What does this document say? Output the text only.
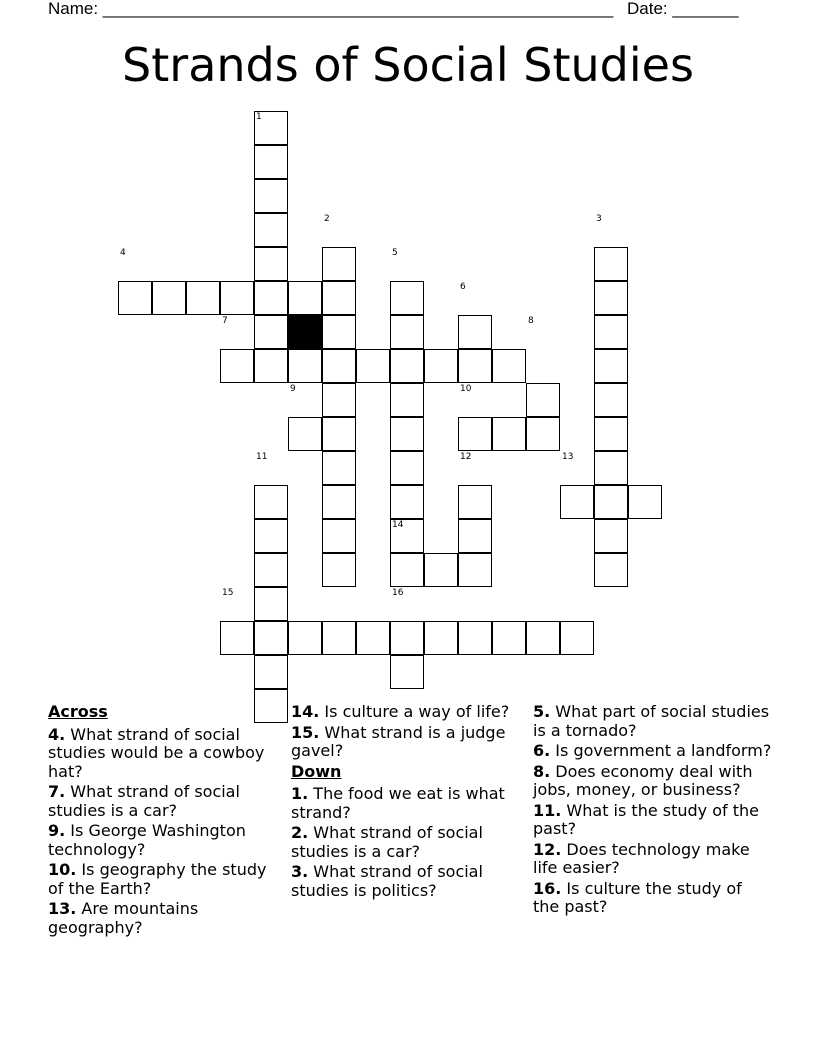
Name: ______________________________________________________ Date: _______
Strands of Social Studies
1
2	3
4	5
6
7	8
9	10
11	12	13
14
15	16
Across
4. What strand of social studies would be a cowboy hat?
7. What strand of social studies is a car?
9. Is George Washington technology?
10. Is geography the study of the Earth?
13. Are mountains geography?
14. Is culture a way of life?
15. What strand is a judge gavel?
Down
1. The food we eat is what strand?
2. What strand of social studies is a car?
3. What strand of social studies is politics?
5. What part of social studies is a tornado?
6. Is government a landform?
8. Does economy deal with jobs, money, or business?
11. What is the study of the past?
12. Does technology make life easier?
16. Is culture the study of the past?
